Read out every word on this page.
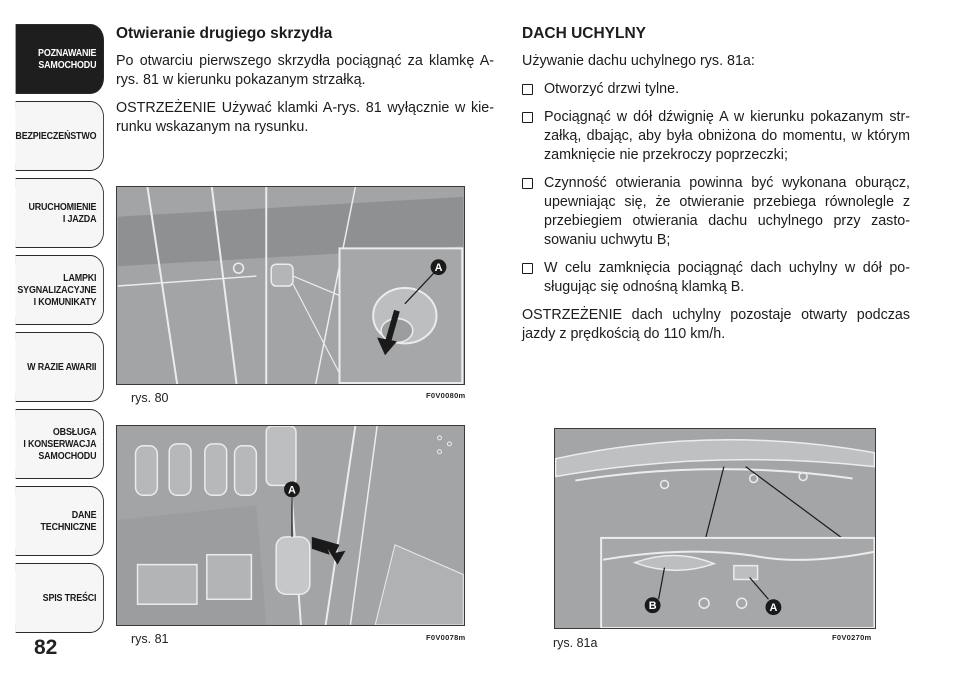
POZNAWANIE
SAMOCHODU
BEZPIECZEŃSTWO
URUCHOMIENIE
I JAZDA
LAMPKI
SYGNALIZACYJNE
I KOMUNIKATY
W RAZIE AWARII
OBSŁUGA
I KONSERWACJA
SAMOCHODU
DANE
TECHNICZNE
SPIS TREŚCI
82
Otwieranie drugiego skrzydła

Po otwarciu pierwszego skrzydła pociągnąć za klamkę A-rys. 81 w kierunku pokazanym strzałką.

OSTRZEŻENIE Używać klamki A-rys. 81 wyłącznie w kie-runku wskazanym na rysunku.

DACH UCHYLNY

Używanie dachu uchylnego rys. 81a:

Otworzyć drzwi tylne.
Pociągnąć w dół dźwignię A w kierunku pokazanym str-załką, dbając, aby była obniżona do momentu, w którym zamknięcie nie przekroczy poprzeczki;
Czynność otwierania powinna być wykonana oburącz, upewniając się, że otwieranie przebiega równolegle z przebiegiem otwierania dachu uchylnego przy zasto-sowaniu uchwytu B;
W celu zamknięcia pociągnąć dach uchylny w dół po-sługując się odnośną klamką B.

OSTRZEŻENIE dach uchylny pozostaje otwarty podczas jazdy z prędkością do 110 km/h.

A
rys. 80	F0V0080m
A
rys. 81	F0V0078m
B	A
rys. 81a	F0V0270m
